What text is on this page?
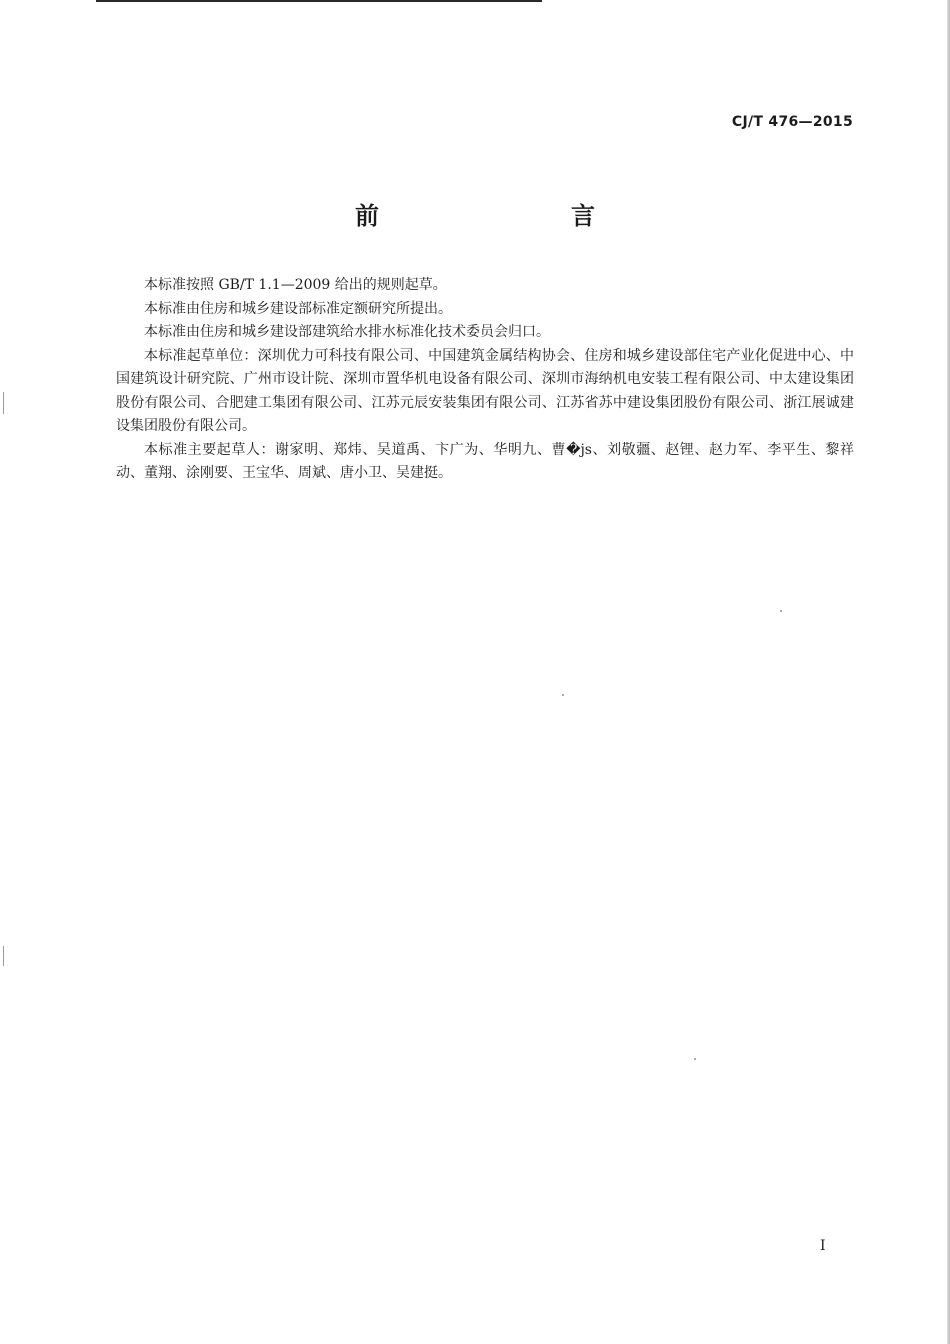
CJ/T 476—2015
前　　言

本标准按照 GB/T 1.1—2009 给出的规则起草。

本标准由住房和城乡建设部标准定额研究所提出。

本标准由住房和城乡建设部建筑给水排水标准化技术委员会归口。

本标准起草单位：深圳优力可科技有限公司、中国建筑金属结构协会、住房和城乡建设部住宅产业化促进中心、中国建筑设计研究院、广州市设计院、深圳市置华机电设备有限公司、深圳市海纳机电安装工程有限公司、中太建设集团股份有限公司、合肥建工集团有限公司、江苏元辰安装集团有限公司、江苏省苏中建设集团股份有限公司、浙江展诚建设集团股份有限公司。

本标准主要起草人：谢家明、郑炜、吴道禹、卞广为、华明九、曹�js、刘敬疆、赵锂、赵力军、李平生、黎祥动、董翔、涂刚要、王宝华、周斌、唐小卫、吴建挺。

I
